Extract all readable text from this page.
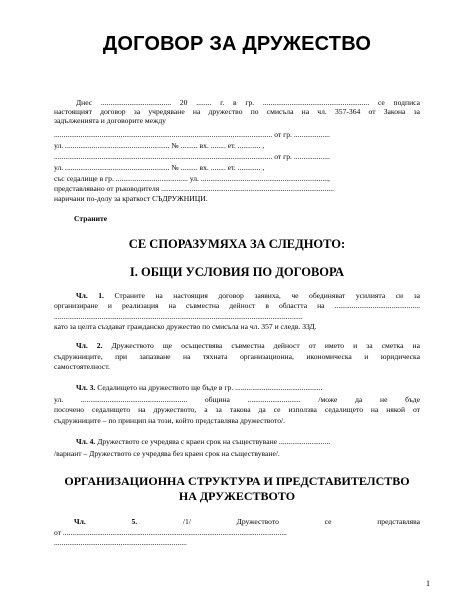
ДОГОВОР ЗА ДРУЖЕСТВО
Днес ..................................... 20 ........ г. в гр. ........................................................ се подписа
настоящият договор за учредяване на дружество по смисъла на чл. 357-364 от Закона за
задълженията и договорите между
................................................................................................................... от гр. ...................
ул. ....................................................... № ......... вх. ........ ет. ............ ,
................................................................................................................... от гр. ...................
ул. ....................................................... № ......... вх. ........ ет. ............ ,
със седалище в гр. ...................................... ул. ...................................................................,
представлявано от ръководителя ...........................................................................................
наричани по-долу за краткост СЪДРУЖНИЦИ.
Страните
СЕ СПОРАЗУМЯХА ЗА СЛЕДНОТО:
I. ОБЩИ УСЛОВИЯ ПО ДОГОВОРА
Чл. 1. Страните на настоящия договор заявиха, че обединяват усилията си за
организиране и реализация на съвместна дейност в областта на .............................................
...................................................................................................................................
като за целта създават гражданско дружество по смисъла на чл. 357 и следв. ЗЗД.
Чл. 2. Дружеството ще осъществява съвместна дейност от името и за сметка на
съдружниците, при запазване на тяхната организационна, икономическа и юридическа
самостоятелност.
Чл. 3. Седалището на дружеството ще бъде в гр. ..............................................
ул. ........................................................ община ............................ /може да не бъде
посочено седалището на дружеството, а за такова да се използва седалището на някой от
съдружниците – по принцип на този, който представлява дружеството/.
Чл. 4. Дружеството се учредява с краен срок на съществуване ...........................
/вариант – Дружеството се учредява без краен срок на съществуване/.
ОРГАНИЗАЦИОННА СТРУКТУРА И ПРЕДСТАВИТЕЛСТВО
НА ДРУЖЕСТВОТО
Чл.	5.	/1/	Дружеството	се	представлява
от ......................................................................................................................
......................................................................
1
